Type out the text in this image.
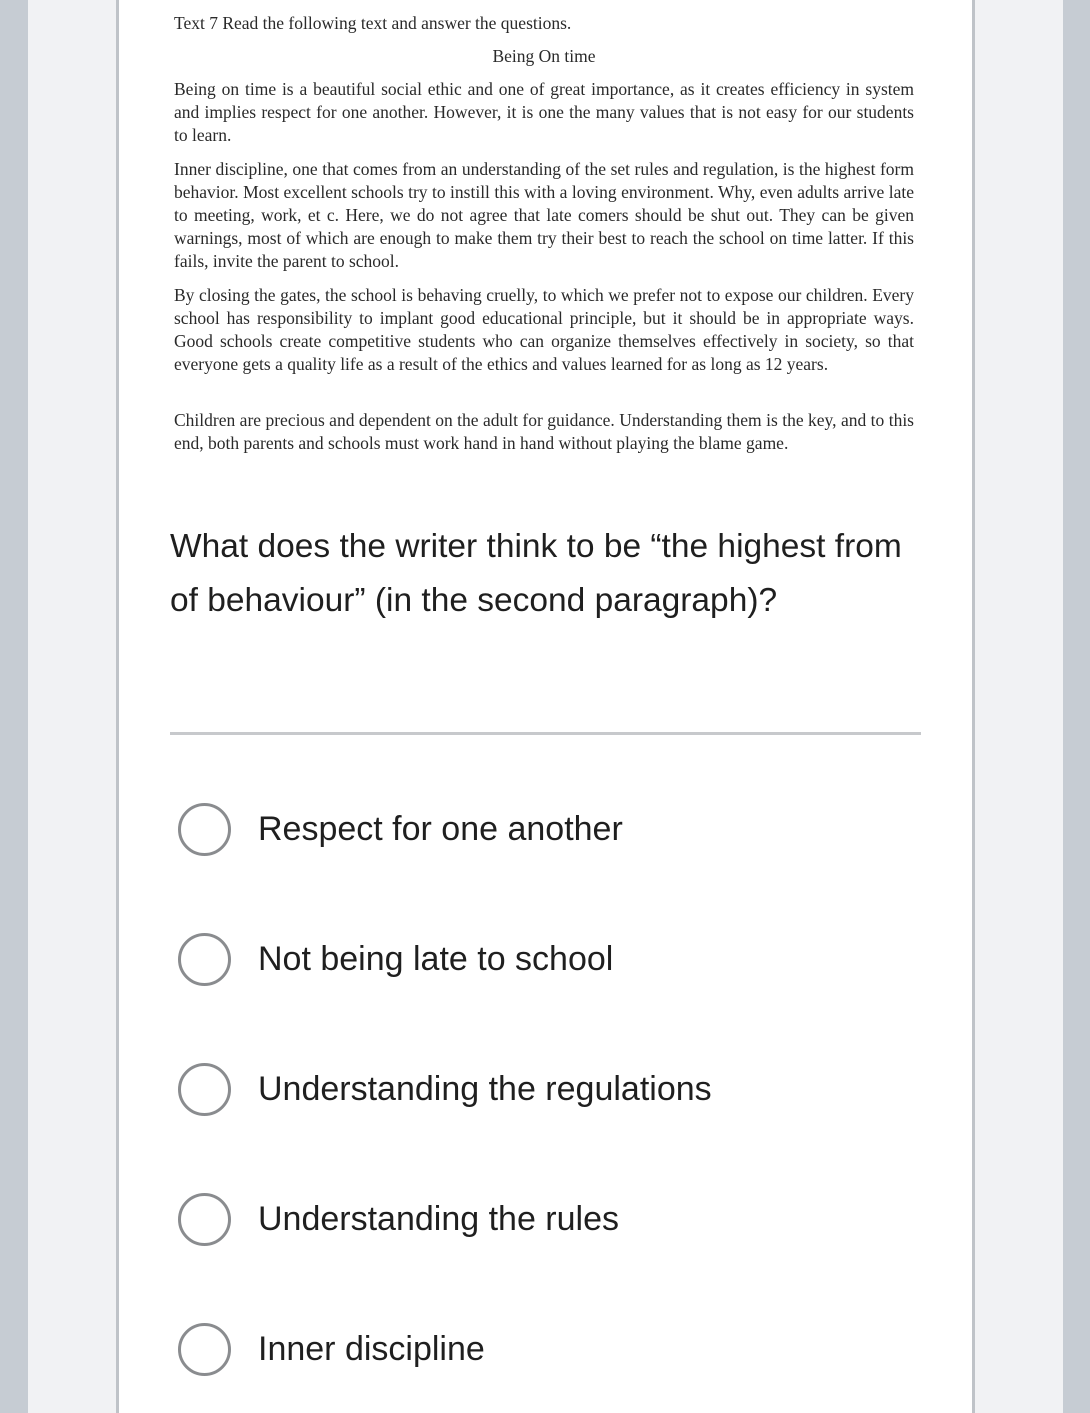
Text 7 Read the following text and answer the questions.

Being On time

Being on time is a beautiful social ethic and one of great importance, as it creates efficiency in system and implies respect for one another. However, it is one the many values that is not easy for our students to learn.

Inner discipline, one that comes from an understanding of the set rules and regulation, is the highest form behavior. Most excellent schools try to instill this with a loving environment. Why, even adults arrive late to meeting, work, et c. Here, we do not agree that late comers should be shut out. They can be given warnings, most of which are enough to make them try their best to reach the school on time latter. If this fails, invite the parent to school.

By closing the gates, the school is behaving cruelly, to which we prefer not to expose our children. Every school has responsibility to implant good educational principle, but it should be in appropriate ways. Good schools create competitive students who can organize themselves effectively in society, so that everyone gets a quality life as a result of the ethics and values learned for as long as 12 years.

Children are precious and dependent on the adult for guidance. Understanding them is the key, and to this end, both parents and schools must work hand in hand without playing the blame game.

What does the writer think to be “the highest from of behaviour” (in the second paragraph)?

Respect for one another
Not being late to school
Understanding the regulations
Understanding the rules
Inner discipline
